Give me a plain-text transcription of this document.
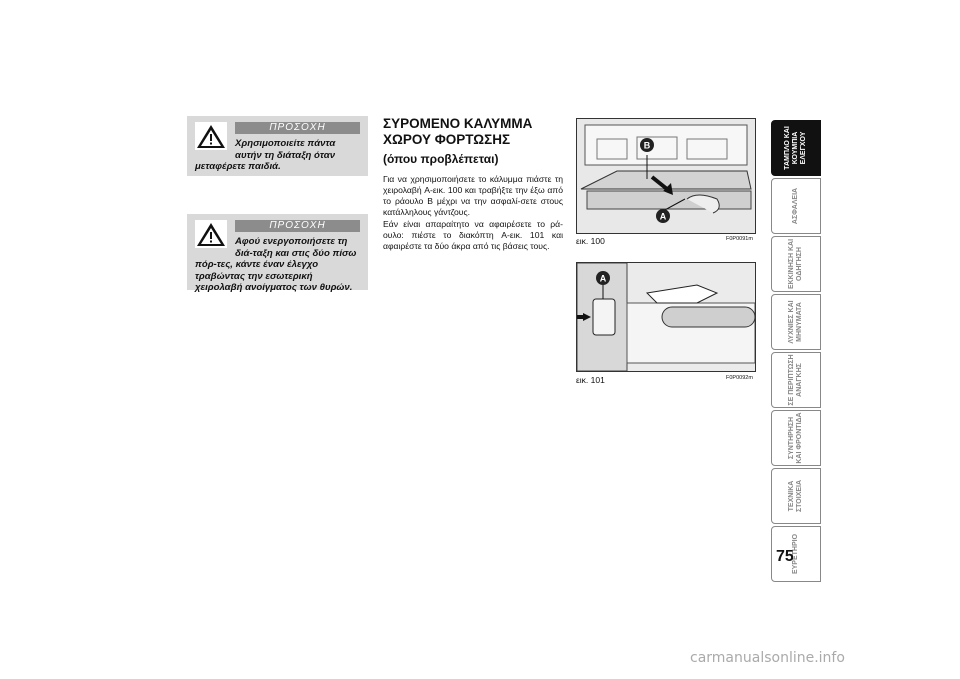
ΠΡΟΣΟΧΗ
Χρησιμοποιείτε πάντα αυτήν τη διάταξη όταν μεταφέρετε παιδιά.
ΠΡΟΣΟΧΗ
Αφού ενεργοποιήσετε τη διά-ταξη και στις δύο πίσω πόρ-τες, κάντε έναν έλεγχο τραβώντας την εσωτερική χειρολαβή ανοίγματος των θυρών.
ΣΥΡΟΜΕΝΟ ΚΑΛΥΜΜΑ ΧΩΡΟΥ ΦΟΡΤΩΣΗΣ
(όπου προβλέπεται)
Για να χρησιμοποιήσετε το κάλυμμα πιάστε τη χειρολαβή A-εικ. 100 και τραβήξτε την έξω από το ράουλο B μέχρι να την ασφαλί-σετε στους κατάλληλους γάντζους.
Εάν είναι απαραίτητο να αφαιρέσετε το ρά-ουλο: πιέστε το διακόπτη A-εικ. 101 και αφαιρέστε τα δύο άκρα από τις βάσεις τους.
B
A
εικ. 100	F0P0091m
A
εικ. 101	F0P0092m
ΤΑΜΠΛΟ ΚΑΙ ΚΟΥΜΠΙΑ ΕΛΕΓΧΟΥ
ΑΣΦΑΛΕΙΑ
ΕΚΚΙΝΗΣΗ ΚΑΙ ΟΔΗΓΗΣΗ
ΛΥΧΝΙΕΣ ΚΑΙ ΜΗΝΥΜΑΤΑ
ΣΕ ΠΕΡΙΠΤΩΣΗ ΑΝΑΓΚΗΣ
ΣΥΝΤΗΡΗΣΗ ΚΑΙ ΦΡΟΝΤΙΔΑ
ΤΕΧΝΙΚΑ ΣΤΟΙΧΕΙΑ
ΕΥΡΕΤΗΡΙΟ
75
carmanualsonline.info
